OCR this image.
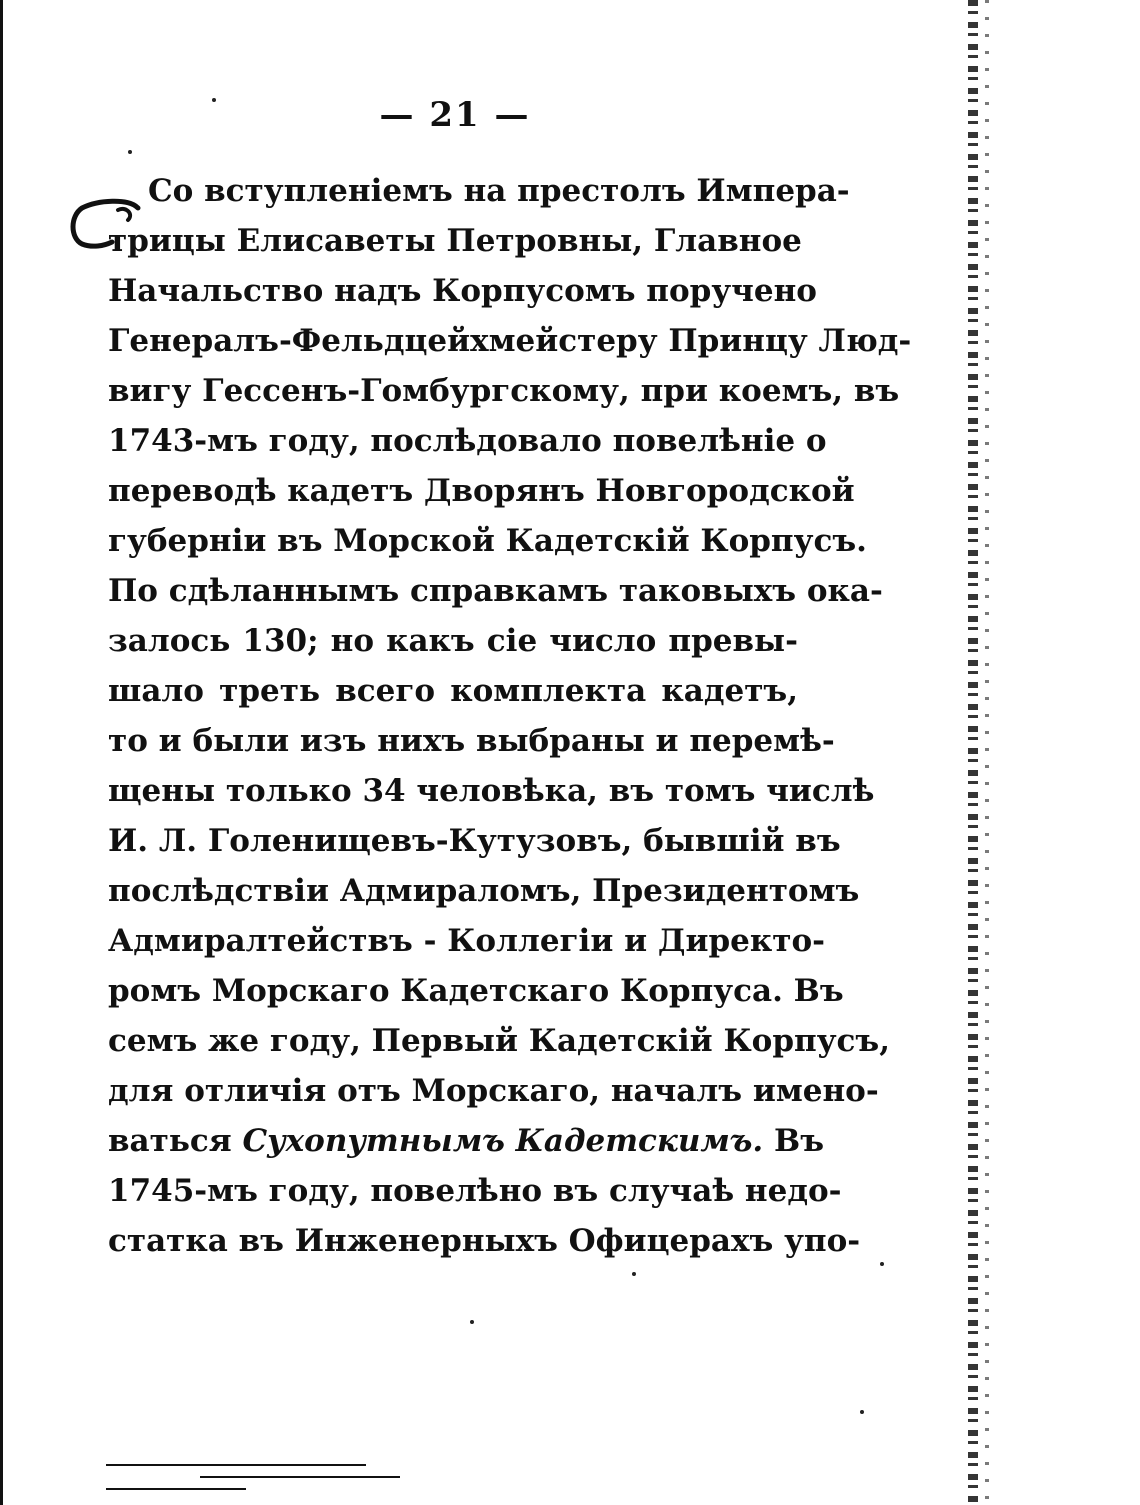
— 21 —
Со вступленіемъ на престолъ Импера-
трицы Елисаветы Петровны, Главное
Начальство надъ Корпусомъ поручено
Генералъ-Фельдцейхмейстеру Принцу Люд-
вигу Гессенъ-Гомбургскому, при коемъ, въ
1743-мъ году, послѣдовало повелѣніе о
переводѣ кадетъ Дворянъ Новгородской
губерніи въ Морской Кадетскій Корпусъ.
По сдѣланнымъ справкамъ таковыхъ ока-
залось 130; но какъ сіе число превы-
шало треть всего комплекта кадетъ,
то и были изъ нихъ выбраны и перемѣ-
щены только 34 человѣка, въ томъ числѣ
И. Л. Голенищевъ-Кутузовъ, бывшій въ
послѣдствіи Адмираломъ, Президентомъ
Адмиралтействъ - Коллегіи и Директо-
ромъ Морскаго Кадетскаго Корпуса. Въ
семъ же году, Первый Кадетскій Корпусъ,
для отличія отъ Морскаго, началъ имено-
ваться Сухопутнымъ Кадетскимъ. Въ
1745-мъ году, повелѣно въ случаѣ недо-
статка въ Инженерныхъ Офицерахъ упо-
